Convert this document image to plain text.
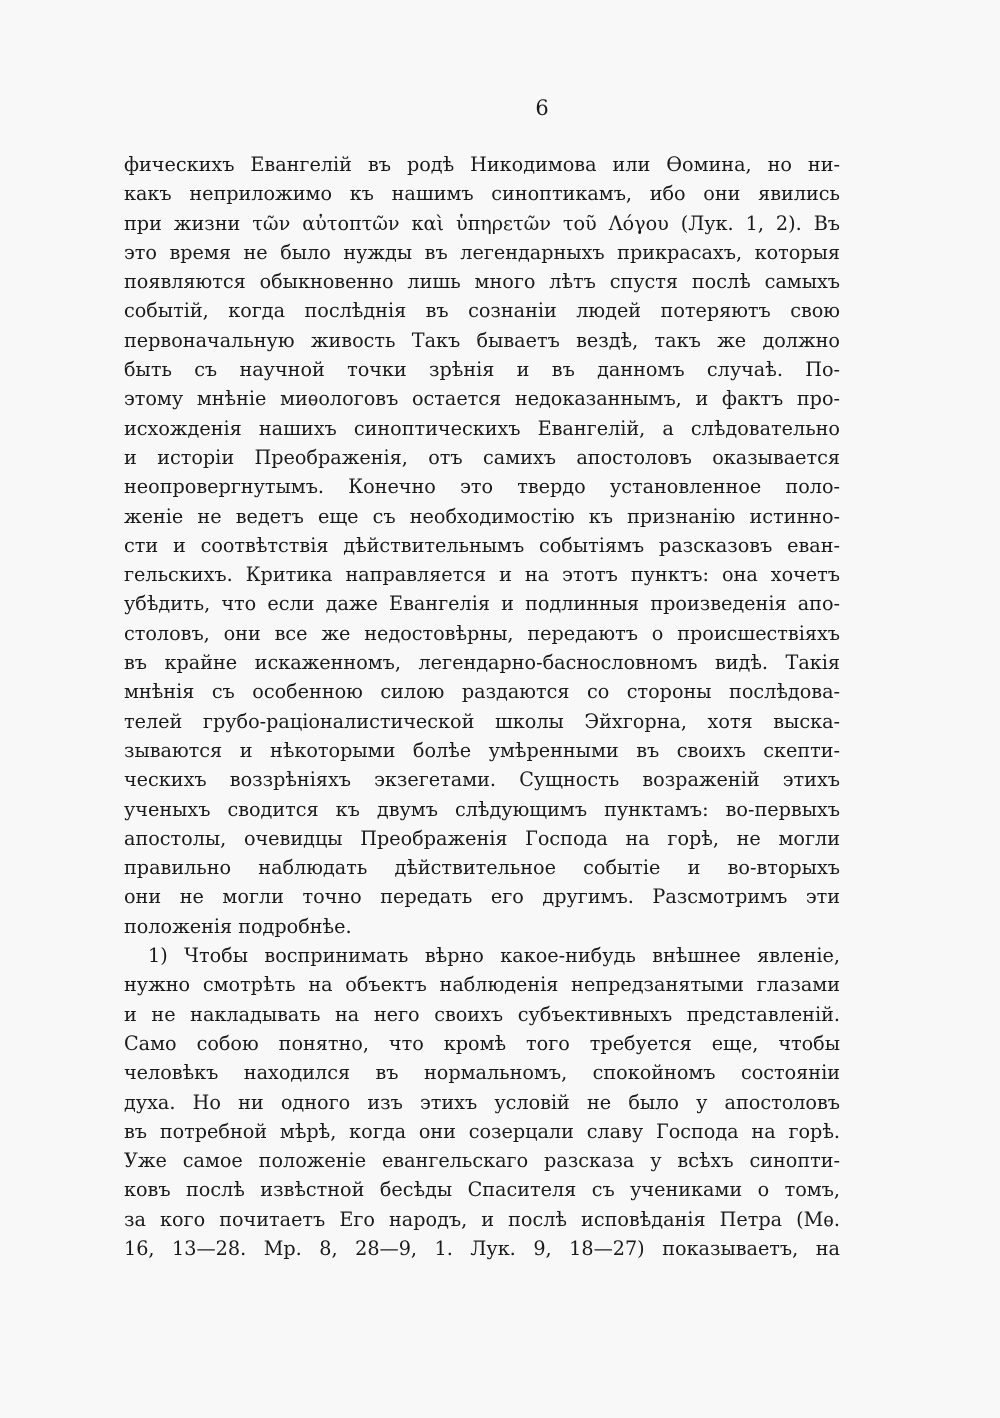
6
фическихъ Евангелій въ родѣ Никодимова или Ѳомина, но ни-
какъ неприложимо къ нашимъ синоптикамъ, ибо они явились
при жизни τῶν αὐτοπτῶν καὶ ὑπηρετῶν τοῦ Λόγου (Лук. 1, 2). Въ
это время не было нужды въ легендарныхъ прикрасахъ, которыя
появляются обыкновенно лишь много лѣтъ спустя послѣ самыхъ
событій, когда послѣднія въ сознаніи людей потеряютъ свою
первоначальную живость Такъ бываетъ вездѣ, такъ же должно
быть съ научной точки зрѣнія и въ данномъ случаѣ. По-
этому мнѣніе миѳологовъ остается недоказаннымъ, и фактъ про-
исхожденія нашихъ синоптическихъ Евангелій, а слѣдовательно
и исторіи Преображенія, отъ самихъ апостоловъ оказывается
неопровергнутымъ. Конечно это твердо установленное поло-
женіе не ведетъ еще съ необходимостію къ признанію истинно-
сти и соотвѣтствія дѣйствительнымъ событіямъ разсказовъ еван-
гельскихъ. Критика направляется и на этотъ пунктъ: она хочетъ
убѣдить, что если даже Евангелія и подлинныя произведенія апо-
столовъ, они все же недостовѣрны, передаютъ о происшествіяхъ
въ крайне искаженномъ, легендарно-баснословномъ видѣ. Такія
мнѣнія съ особенною силою раздаются со стороны послѣдова-
телей грубо-раціоналистической школы Эйхгорна, хотя выска-
зываются и нѣкоторыми болѣе умѣренными въ своихъ скепти-
ческихъ воззрѣніяхъ экзегетами. Сущность возраженій этихъ
ученыхъ сводится къ двумъ слѣдующимъ пунктамъ: во-первыхъ
апостолы, очевидцы Преображенія Господа на горѣ, не могли
правильно наблюдать дѣйствительное событіе и во-вторыхъ
они не могли точно передать его другимъ. Разсмотримъ эти
положенія подробнѣе.
1) Чтобы воспринимать вѣрно какое-нибудь внѣшнее явленіе,
нужно смотрѣть на объектъ наблюденія непредзанятыми глазами
и не накладывать на него своихъ субъективныхъ представленій.
Само собою понятно, что кромѣ того требуется еще, чтобы
человѣкъ находился въ нормальномъ, спокойномъ состояніи
духа. Но ни одного изъ этихъ условій не было у апостоловъ
въ потребной мѣрѣ, когда они созерцали славу Господа на горѣ.
Уже самое положеніе евангельскаго разсказа у всѣхъ синопти-
ковъ послѣ извѣстной бесѣды Спасителя съ учениками о томъ,
за кого почитаетъ Его народъ, и послѣ исповѣданія Петра (Мѳ.
16, 13—28. Мр. 8, 28—9, 1. Лук. 9, 18—27) показываетъ, на
